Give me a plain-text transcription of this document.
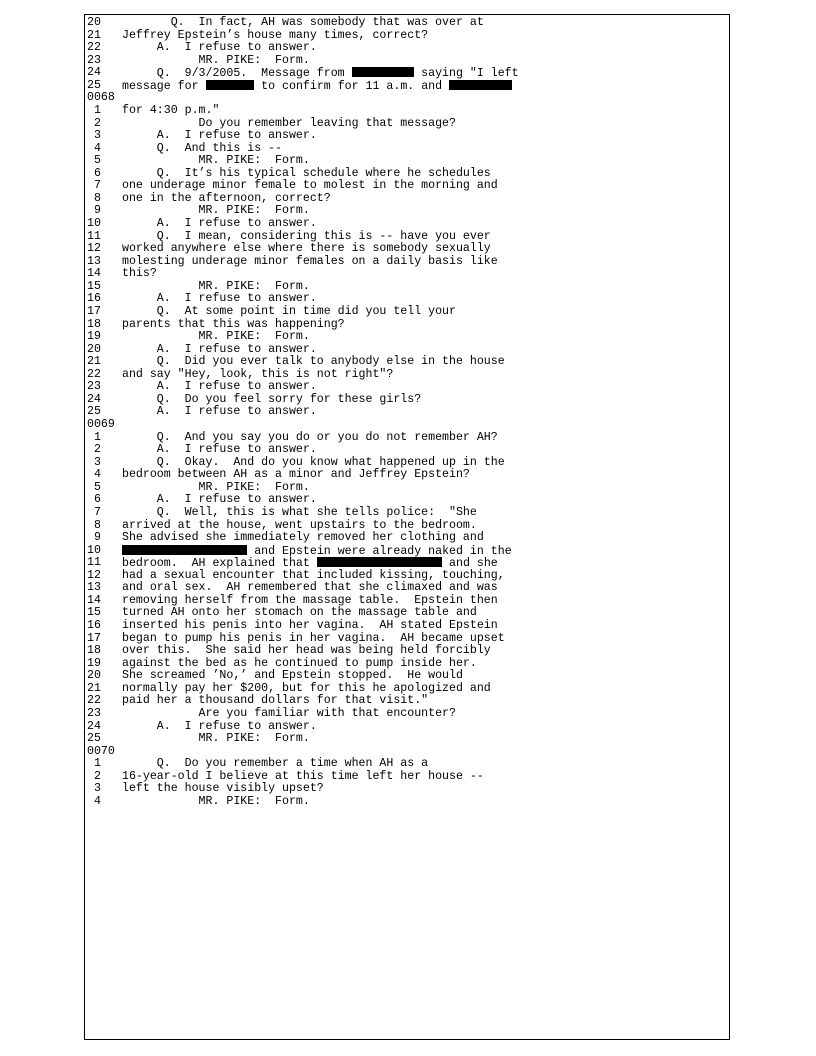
20 Q.  In fact, AH was somebody that was over at
21 Jeffrey Epstein’s house many times, correct?
22 A.  I refuse to answer.
23 MR. PIKE:  Form.
24 Q.  9/3/2005.  Message from	saying "I left
25 message for	to confirm for 11 a.m. and
0068
1 for 4:30 p.m."
2 Do you remember leaving that message?
3 A.  I refuse to answer.
4 Q.  And this is --
5 MR. PIKE:  Form.
6 Q.  It’s his typical schedule where he schedules
7 one underage minor female to molest in the morning and
8 one in the afternoon, correct?
9 MR. PIKE:  Form.
10 A.  I refuse to answer.
11 Q.  I mean, considering this is -- have you ever
12 worked anywhere else where there is somebody sexually
13 molesting underage minor females on a daily basis like
14 this?
15 MR. PIKE:  Form.
16 A.  I refuse to answer.
17 Q.  At some point in time did you tell your
18 parents that this was happening?
19 MR. PIKE:  Form.
20 A.  I refuse to answer.
21 Q.  Did you ever talk to anybody else in the house
22 and say "Hey, look, this is not right"?
23 A.  I refuse to answer.
24 Q.  Do you feel sorry for these girls?
25 A.  I refuse to answer.
0069
1 Q.  And you say you do or you do not remember AH?
2 A.  I refuse to answer.
3 Q.  Okay.  And do you know what happened up in the
4 bedroom between AH as a minor and Jeffrey Epstein?
5 MR. PIKE:  Form.
6 A.  I refuse to answer.
7 Q.  Well, this is what she tells police:  "She
8 arrived at the house, went upstairs to the bedroom.
9 She advised she immediately removed her clothing and
10	and Epstein were already naked in the
11 bedroom.  AH explained that	and she
12 had a sexual encounter that included kissing, touching,
13 and oral sex.  AH remembered that she climaxed and was
14 removing herself from the massage table.  Epstein then
15 turned AH onto her stomach on the massage table and
16 inserted his penis into her vagina.  AH stated Epstein
17 began to pump his penis in her vagina.  AH became upset
18 over this.  She said her head was being held forcibly
19 against the bed as he continued to pump inside her.
20 She screamed ’No,’ and Epstein stopped.  He would
21 normally pay her $200, but for this he apologized and
22 paid her a thousand dollars for that visit."
23 Are you familiar with that encounter?
24 A.  I refuse to answer.
25 MR. PIKE:  Form.
0070
1 Q.  Do you remember a time when AH as a
2 16-year-old I believe at this time left her house --
3 left the house visibly upset?
4 MR. PIKE:  Form.
